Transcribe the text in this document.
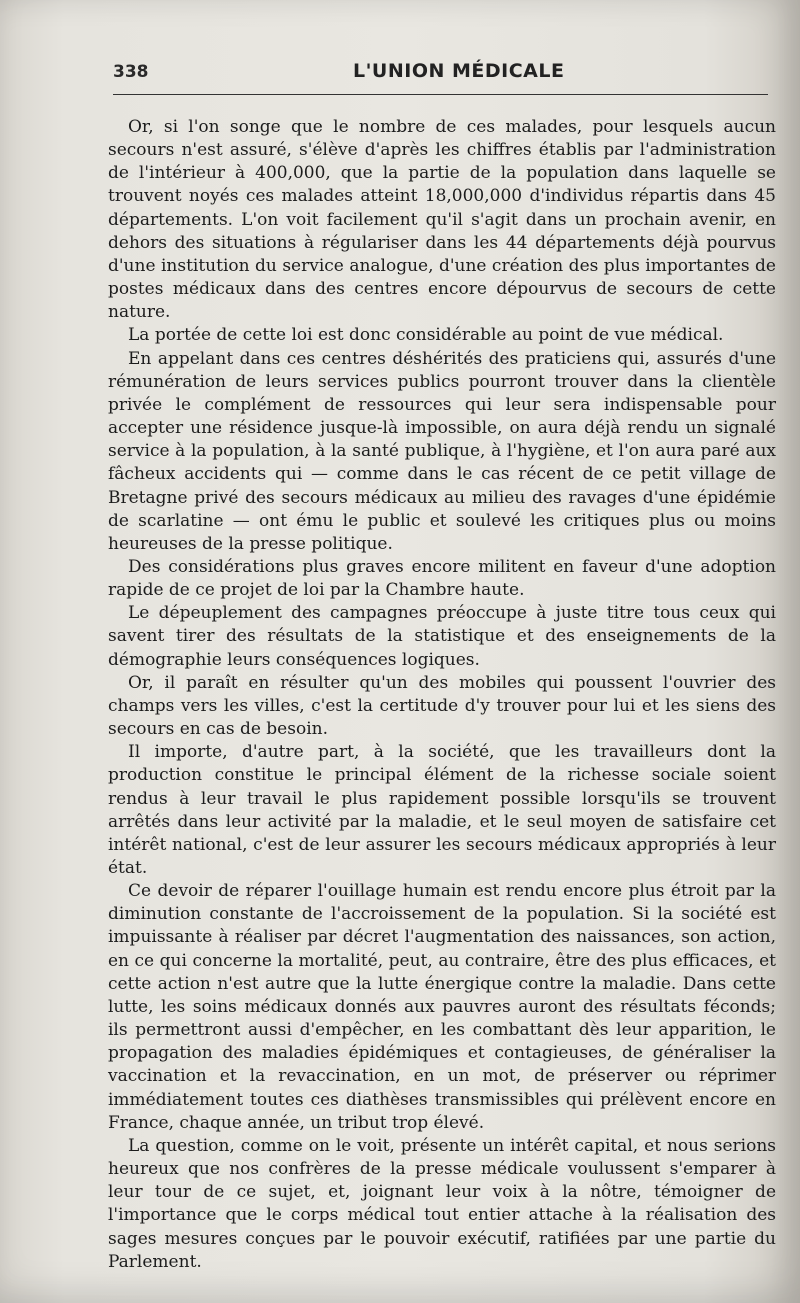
338	L'UNION MÉDICALE

Or, si l'on songe que le nombre de ces malades, pour lesquels aucun secours n'est assuré, s'élève d'après les chiffres établis par l'administration de l'intérieur à 400,000, que la partie de la population dans laquelle se trouvent noyés ces malades atteint 18,000,000 d'individus répartis dans 45 départements. L'on voit facilement qu'il s'agit dans un prochain avenir, en dehors des situations à régulariser dans les 44 départements déjà pourvus d'une institution du service analogue, d'une création des plus importantes de postes médicaux dans des centres encore dépourvus de secours de cette nature.

La portée de cette loi est donc considérable au point de vue médical.

En appelant dans ces centres déshérités des praticiens qui, assurés d'une rémunération de leurs services publics pourront trouver dans la clientèle privée le complément de ressources qui leur sera indispensable pour accepter une résidence jusque-là impossible, on aura déjà rendu un signalé service à la population, à la santé publique, à l'hygiène, et l'on aura paré aux fâcheux accidents qui — comme dans le cas récent de ce petit village de Bretagne privé des secours médicaux au milieu des ravages d'une épidémie de scarlatine — ont ému le public et soulevé les critiques plus ou moins heureuses de la presse politique.

Des considérations plus graves encore militent en faveur d'une adoption rapide de ce projet de loi par la Chambre haute.

Le dépeuplement des campagnes préoccupe à juste titre tous ceux qui savent tirer des résultats de la statistique et des enseignements de la démographie leurs conséquences logiques.

Or, il paraît en résulter qu'un des mobiles qui poussent l'ouvrier des champs vers les villes, c'est la certitude d'y trouver pour lui et les siens des secours en cas de besoin.

Il importe, d'autre part, à la société, que les travailleurs dont la production constitue le principal élément de la richesse sociale soient rendus à leur travail le plus rapidement possible lorsqu'ils se trouvent arrêtés dans leur activité par la maladie, et le seul moyen de satisfaire cet intérêt national, c'est de leur assurer les secours médicaux appropriés à leur état.

Ce devoir de réparer l'ouillage humain est rendu encore plus étroit par la diminution constante de l'accroissement de la population. Si la société est impuissante à réaliser par décret l'augmentation des naissances, son action, en ce qui concerne la mortalité, peut, au contraire, être des plus efficaces, et cette action n'est autre que la lutte énergique contre la maladie. Dans cette lutte, les soins médicaux donnés aux pauvres auront des résultats féconds; ils permettront aussi d'empêcher, en les combattant dès leur apparition, le propagation des maladies épidémiques et contagieuses, de généraliser la vaccination et la revaccination, en un mot, de préserver ou réprimer immédiatement toutes ces diathèses transmissibles qui prélèvent encore en France, chaque année, un tribut trop élevé.

La question, comme on le voit, présente un intérêt capital, et nous serions heureux que nos confrères de la presse médicale voulussent s'emparer à leur tour de ce sujet, et, joignant leur voix à la nôtre, témoigner de l'importance que le corps médical tout entier attache à la réalisation des sages mesures conçues par le pouvoir exécutif, ratifiées par une partie du Parlement.
